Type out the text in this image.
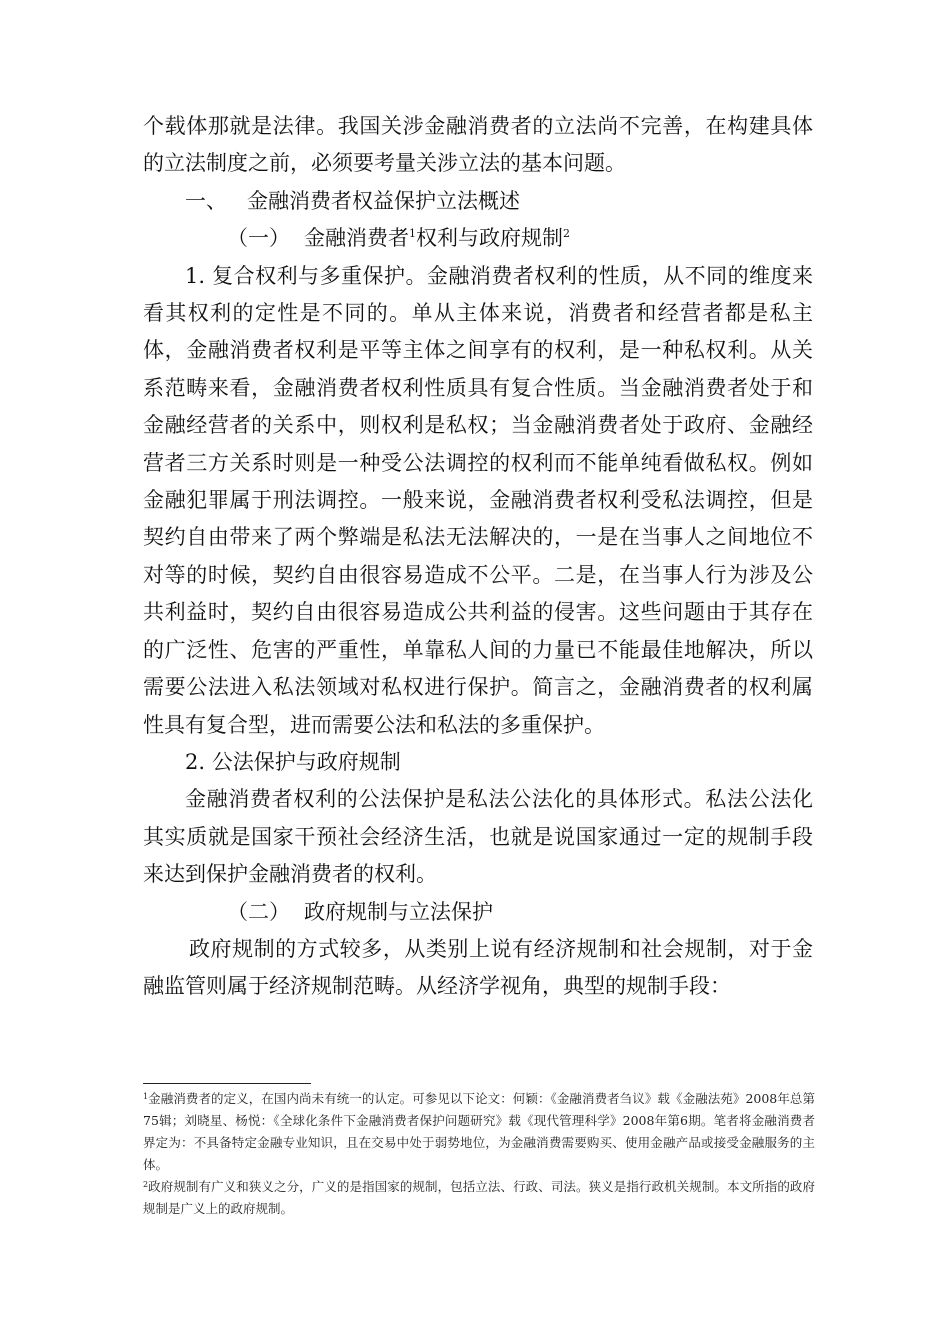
个载体那就是法律。我国关涉金融消费者的立法尚不完善，在构建具体的立法制度之前，必须要考量关涉立法的基本问题。

一、 金融消费者权益保护立法概述

（一） 金融消费者$^1$权利与政府规制$^2$

1. 复合权利与多重保护。金融消费者权利的性质，从不同的维度来看其权利的定性是不同的。单从主体来说，消费者和经营者都是私主体，金融消费者权利是平等主体之间享有的权利，是一种私权利。从关系范畴来看，金融消费者权利性质具有复合性质。当金融消费者处于和金融经营者的关系中，则权利是私权；当金融消费者处于政府、金融经营者三方关系时则是一种受公法调控的权利而不能单纯看做私权。例如金融犯罪属于刑法调控。一般来说，金融消费者权利受私法调控，但是契约自由带来了两个弊端是私法无法解决的，一是在当事人之间地位不对等的时候，契约自由很容易造成不公平。二是，在当事人行为涉及公共利益时，契约自由很容易造成公共利益的侵害。这些问题由于其存在的广泛性、危害的严重性，单靠私人间的力量已不能最佳地解决，所以需要公法进入私法领域对私权进行保护。简言之，金融消费者的权利属性具有复合型，进而需要公法和私法的多重保护。

2. 公法保护与政府规制

金融消费者权利的公法保护是私法公法化的具体形式。私法公法化其实质就是国家干预社会经济生活，也就是说国家通过一定的规制手段来达到保护金融消费者的权利。

（二） 政府规制与立法保护

政府规制的方式较多，从类别上说有经济规制和社会规制，对于金融监管则属于经济规制范畴。从经济学视角，典型的规制手段：

$^1$金融消费者的定义，在国内尚未有统一的认定。可参见以下论文：何颖：《金融消费者刍议》载《金融法苑》2008年总第75辑；刘晓星、杨悦：《全球化条件下金融消费者保护问题研究》载《现代管理科学》2008年第6期。笔者将金融消费者界定为：不具备特定金融专业知识，且在交易中处于弱势地位，为金融消费需要购买、使用金融产品或接受金融服务的主体。

$^2$政府规制有广义和狭义之分，广义的是指国家的规制，包括立法、行政、司法。狭义是指行政机关规制。本文所指的政府规制是广义上的政府规制。
